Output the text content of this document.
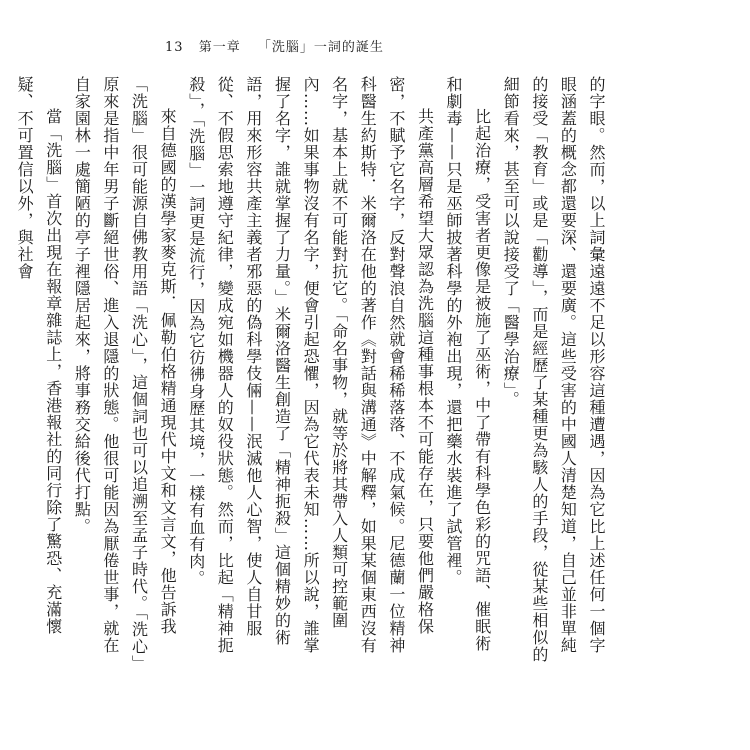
13 第一章 「洗腦」一詞的誕生

的字眼。然而，以上詞彙遠遠不足以形容這種遭遇，因為它比上述任何一個字眼涵蓋的概念都還要深、還要廣。這些受害的中國人清楚知道，自己並非單純的接受「教育」或是「勸導」，而是經歷了某種更為駭人的手段，從某些相似的細節看來，甚至可以說接受了「醫學治療」。

比起治療，受害者更像是被施了巫術，中了帶有科學色彩的咒語、催眠術和劇毒——只是巫師披著科學的外袍出現，還把藥水裝進了試管裡。

共產黨高層希望大眾認為洗腦這種事根本不可能存在，只要他們嚴格保密，不賦予它名字，反對聲浪自然就會稀稀落落、不成氣候。尼德蘭一位精神科醫生約斯特．米爾洛在他的著作《對話與溝通》中解釋，如果某個東西沒有名字，基本上就不可能對抗它。「命名事物，就等於將其帶入人類可控範圍內……如果事物沒有名字，便會引起恐懼，因為它代表未知……所以說，誰掌握了名字，誰就掌握了力量。」米爾洛醫生創造了「精神扼殺」這個精妙的術語，用來形容共產主義者邪惡的偽科學伎倆——泯滅他人心智，使人自甘服從、不假思索地遵守紀律，變成宛如機器人的奴役狀態。然而，比起「精神扼殺」，「洗腦」一詞更是流行，因為它彷彿身歷其境，一樣有血有肉。

來自德國的漢學家麥克斯．佩勒伯格精通現代中文和文言文，他告訴我「洗腦」很可能源自佛教用語「洗心」，這個詞也可以追溯至孟子時代。「洗心」原來是指中年男子斷絕世俗、進入退隱的狀態。他很可能因為厭倦世事，就在自家園林一處簡陋的亭子裡隱居起來，將事務交給後代打點。

當「洗腦」首次出現在報章雜誌上，香港報社的同行除了驚恐、充滿懷疑、不可置信以外，與社會
